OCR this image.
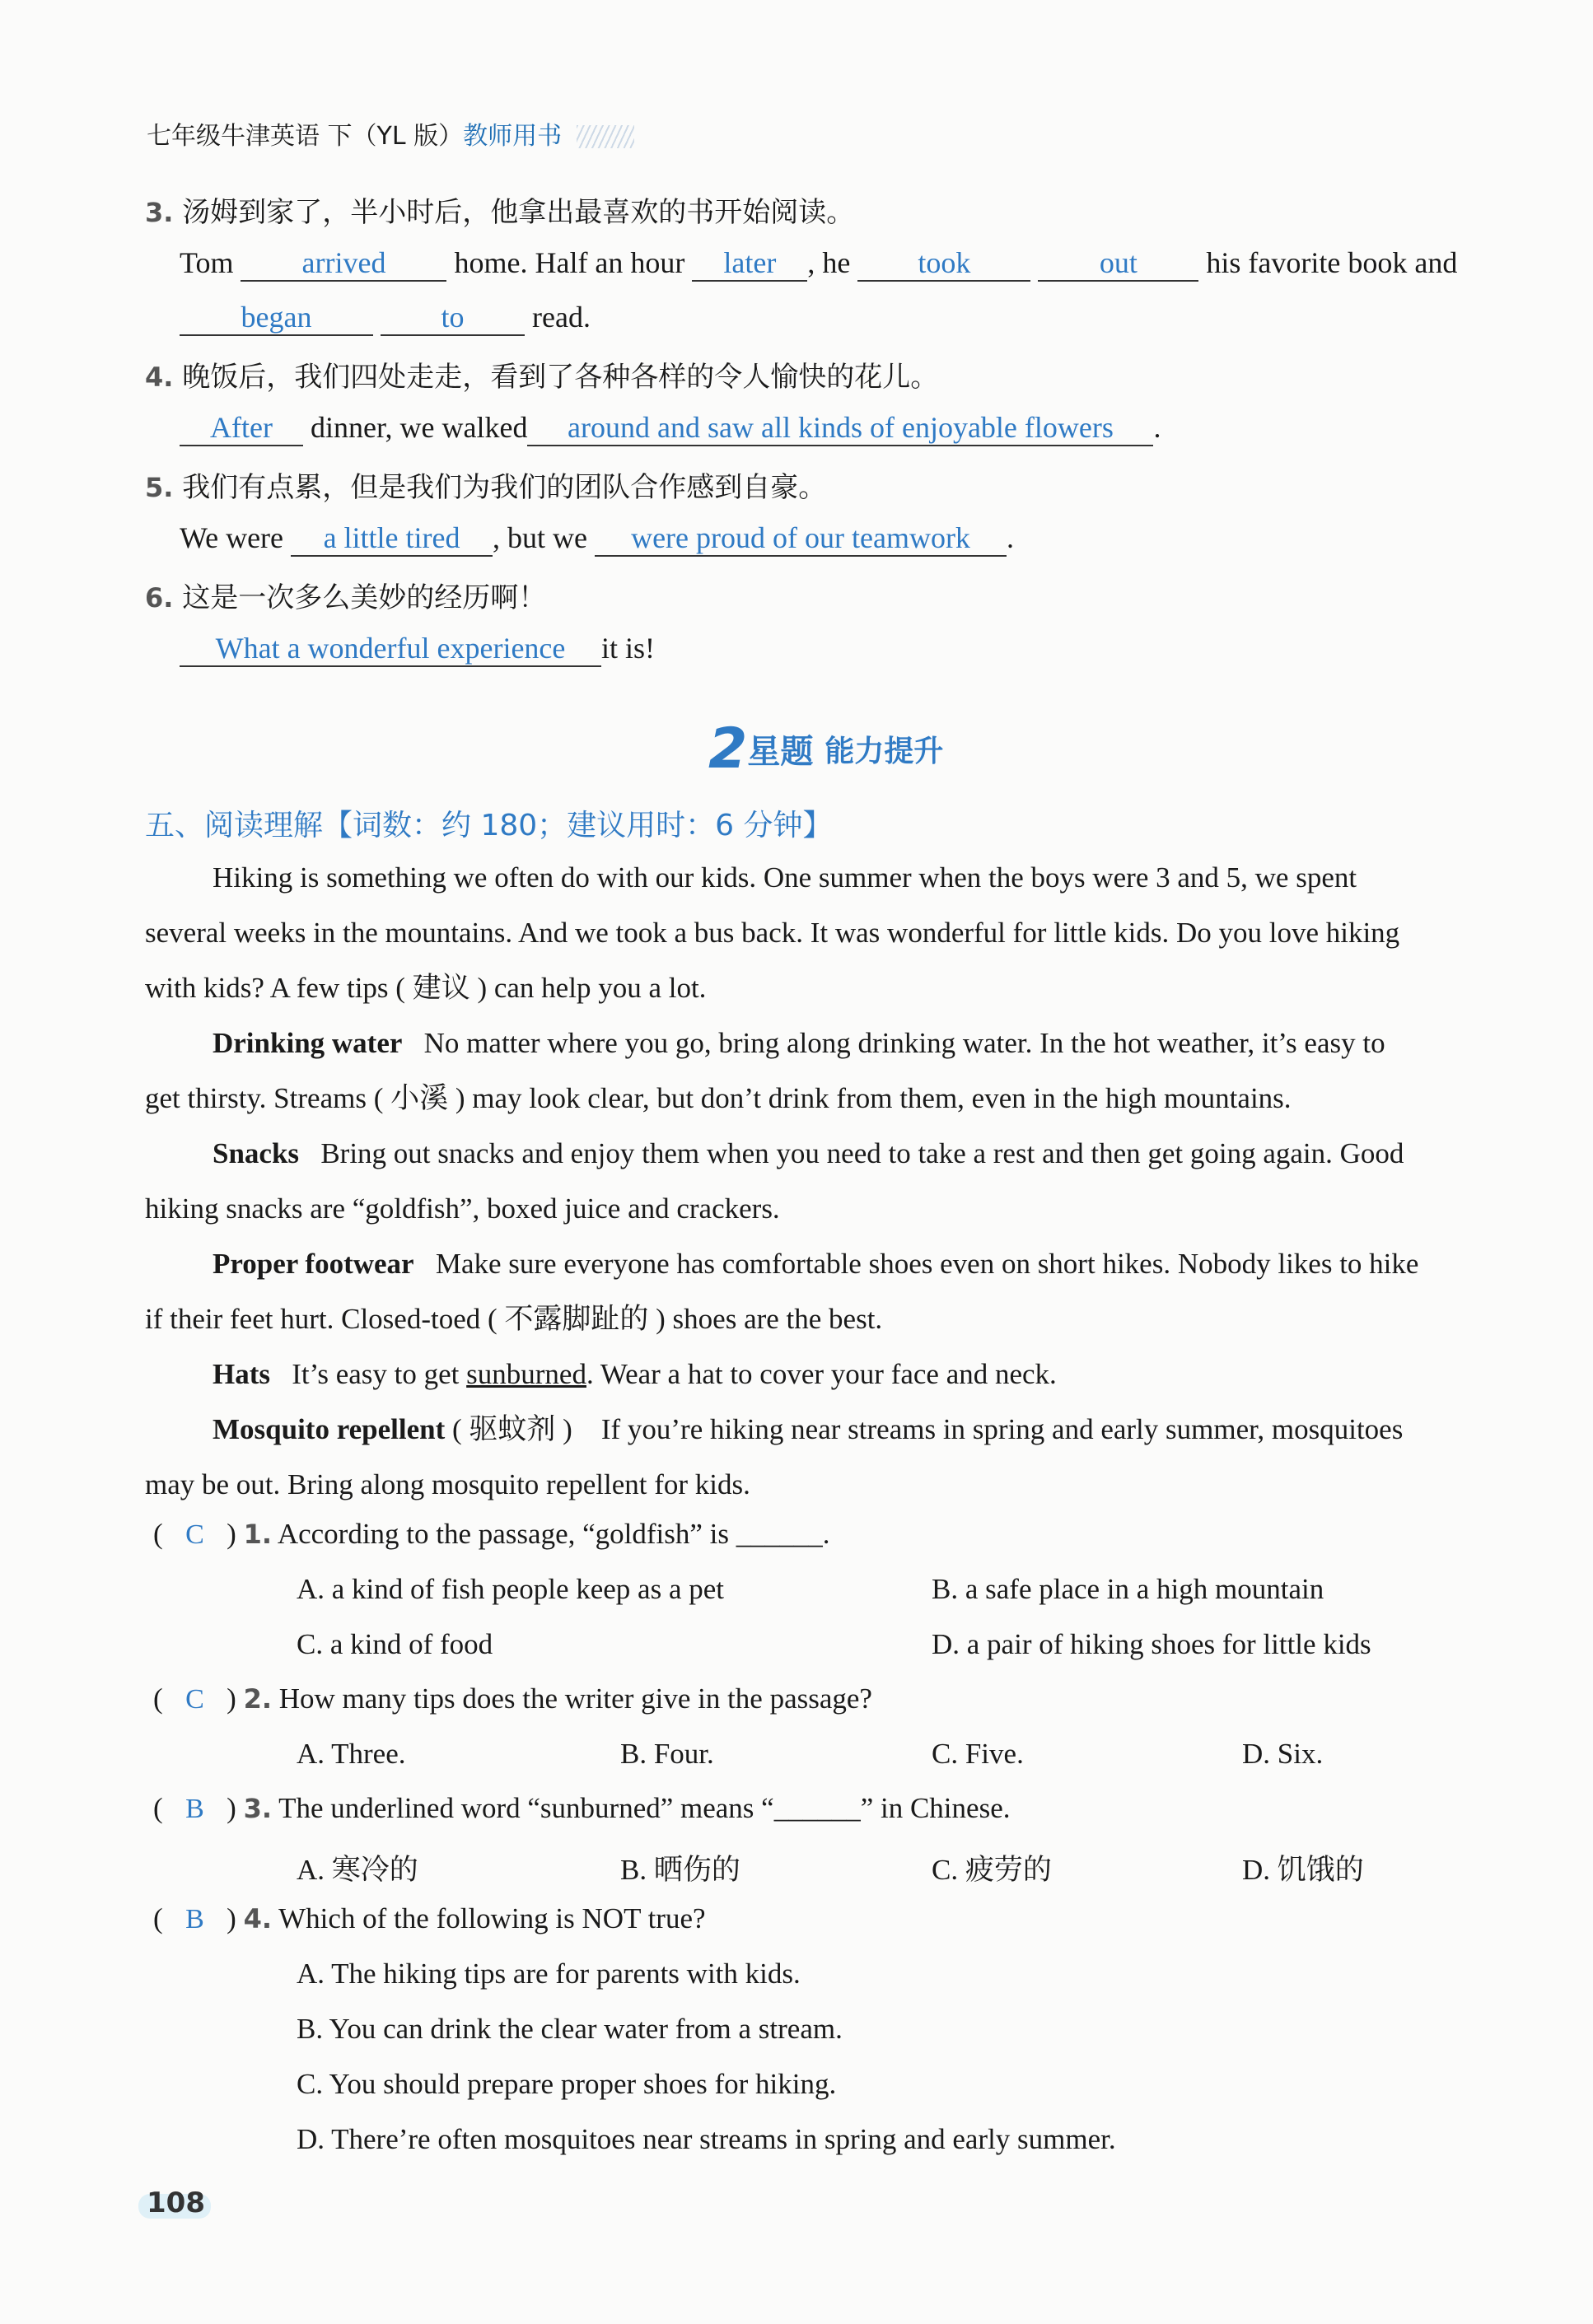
七年级牛津英语 下（YL 版）教师用书
3. 汤姆到家了，半小时后，他拿出最喜欢的书开始阅读。
Tom arrived home. Half an hour later , he took	out his favorite book and
began	to read.
4. 晚饭后，我们四处走走，看到了各种各样的令人愉快的花儿。
After dinner, we walked around and saw all kinds of enjoyable flowers .
5. 我们有点累，但是我们为我们的团队合作感到自豪。
We were a little tired , but we were proud of our teamwork .
6. 这是一次多么美妙的经历啊！
What a wonderful experience it is!
2星题 能力提升
五、阅读理解【词数：约 180；建议用时：6 分钟】
Hiking is something we often do with our kids. One summer when the boys were 3 and 5, we spent
several weeks in the mountains. And we took a bus back. It was wonderful for little kids. Do you love hiking
with kids? A few tips ( 建议 ) can help you a lot.
Drinking water No matter where you go, bring along drinking water. In the hot weather, it’s easy to
get thirsty. Streams ( 小溪 ) may look clear, but don’t drink from them, even in the high mountains.
Snacks Bring out snacks and enjoy them when you need to take a rest and then get going again. Good
hiking snacks are “goldfish”, boxed juice and crackers.
Proper footwear Make sure everyone has comfortable shoes even on short hikes. Nobody likes to hike
if their feet hurt. Closed-toed ( 不露脚趾的 ) shoes are the best.
Hats It’s easy to get sunburned. Wear a hat to cover your face and neck.
Mosquito repellent ( 驱蚊剂 ) If you’re hiking near streams in spring and early summer, mosquitoes
may be out. Bring along mosquito repellent for kids.
( C ) 1. According to the passage, “goldfish” is ______.
A. a kind of fish people keep as a pet	B. a safe place in a high mountain
C. a kind of food	D. a pair of hiking shoes for little kids
( C ) 2. How many tips does the writer give in the passage?
A. Three.	B. Four.	C. Five.	D. Six.
( B ) 3. The underlined word “sunburned” means “______” in Chinese.
A. 寒冷的	B. 晒伤的	C. 疲劳的	D. 饥饿的
( B ) 4. Which of the following is NOT true?
A. The hiking tips are for parents with kids.
B. You can drink the clear water from a stream.
C. You should prepare proper shoes for hiking.
D. There’re often mosquitoes near streams in spring and early summer.
108
